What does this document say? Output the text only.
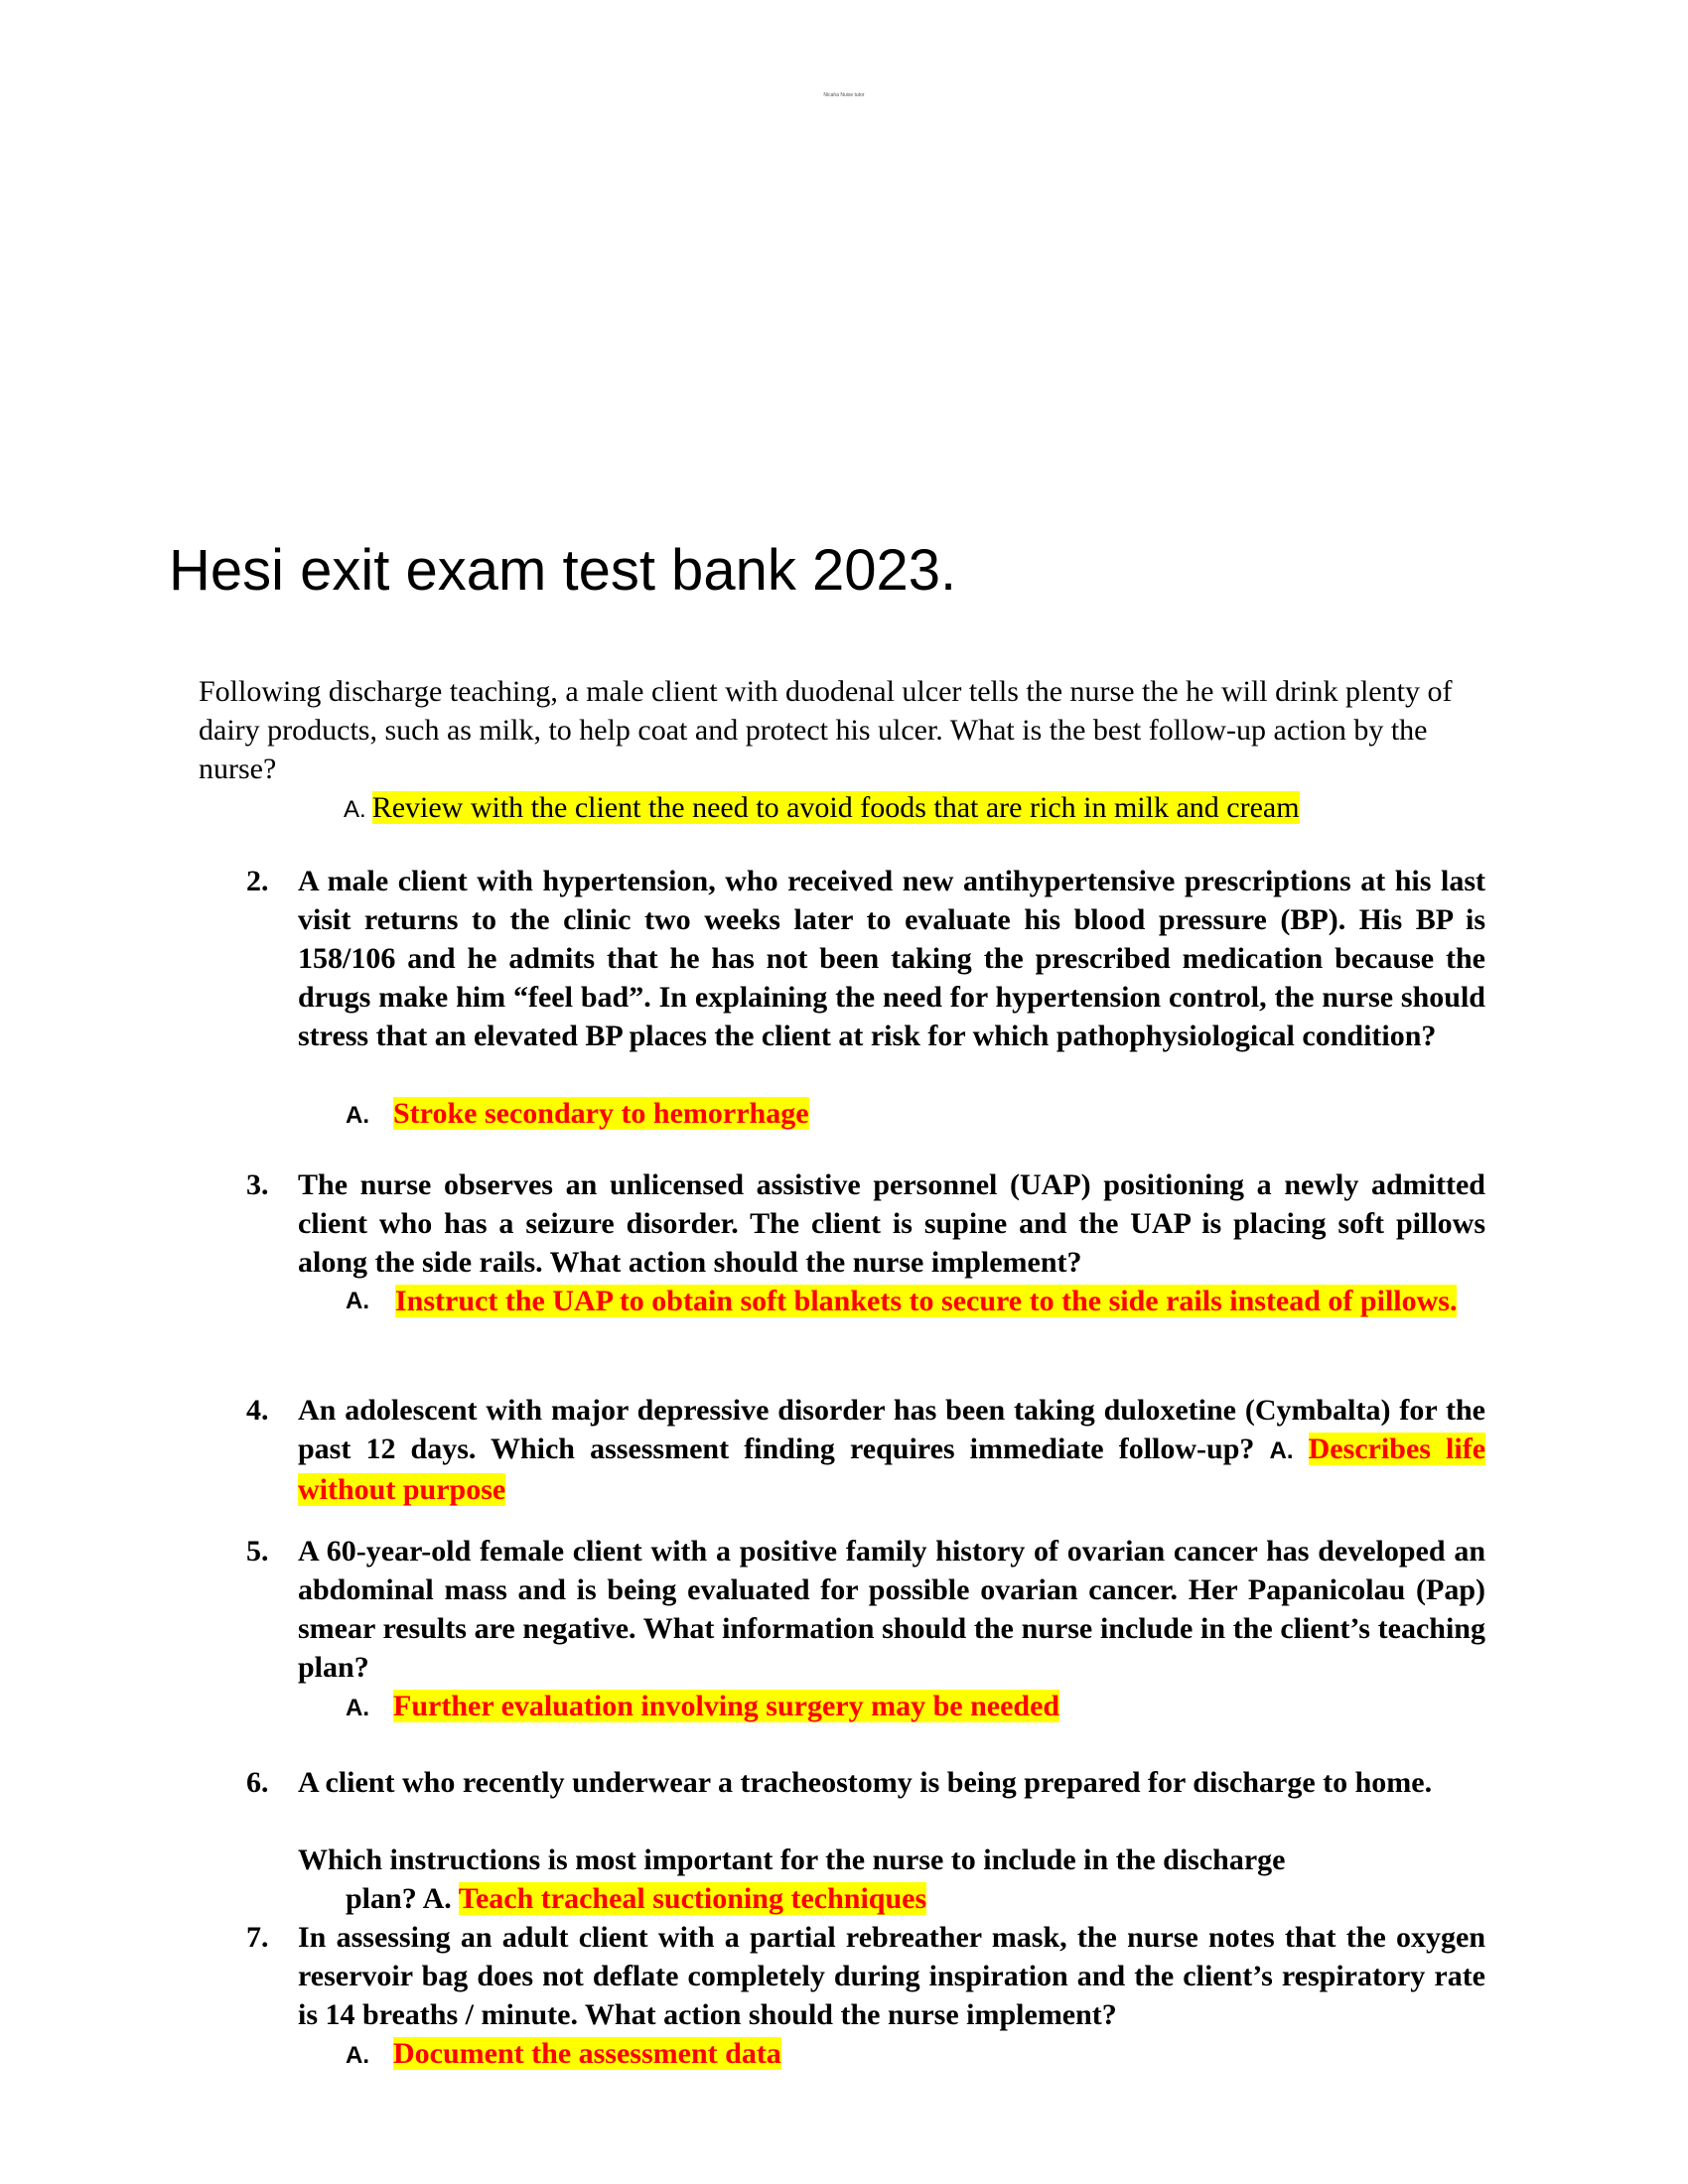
Nicaha Nuise tutor
Hesi exit exam test bank 2023.

Following discharge teaching, a male client with duodenal ulcer tells the nurse the he will drink plenty of dairy products, such as milk, to help coat and protect his ulcer. What is the best follow-up action by the nurse?

A. Review with the client the need to avoid foods that are rich in milk and cream
2. A male client with hypertension, who received new antihypertensive prescriptions at his last visit returns to the clinic two weeks later to evaluate his blood pressure (BP). His BP is 158/106 and he admits that he has not been taking the prescribed medication because the drugs make him “feel bad”. In explaining the need for hypertension control, the nurse should stress that an elevated BP places the client at risk for which pathophysiological condition?
A. Stroke secondary to hemorrhage
3. The nurse observes an unlicensed assistive personnel (UAP) positioning a newly admitted client who has a seizure disorder. The client is supine and the UAP is placing soft pillows along the side rails. What action should the nurse implement?
A. Instruct the UAP to obtain soft blankets to secure to the side rails instead of pillows.
4. An adolescent with major depressive disorder has been taking duloxetine (Cymbalta) for the past 12 days. Which assessment finding requires immediate follow-up? A. Describes life without purpose
5. A 60-year-old female client with a positive family history of ovarian cancer has developed an abdominal mass and is being evaluated for possible ovarian cancer. Her Papanicolau (Pap) smear results are negative. What information should the nurse include in the client’s teaching plan?
A. Further evaluation involving surgery may be needed
6. A client who recently underwear a tracheostomy is being prepared for discharge to home.
Which instructions is most important for the nurse to include in the discharge
plan? A. Teach tracheal suctioning techniques
7. In assessing an adult client with a partial rebreather mask, the nurse notes that the oxygen reservoir bag does not deflate completely during inspiration and the client’s respiratory rate is 14 breaths / minute. What action should the nurse implement?
A. Document the assessment data
